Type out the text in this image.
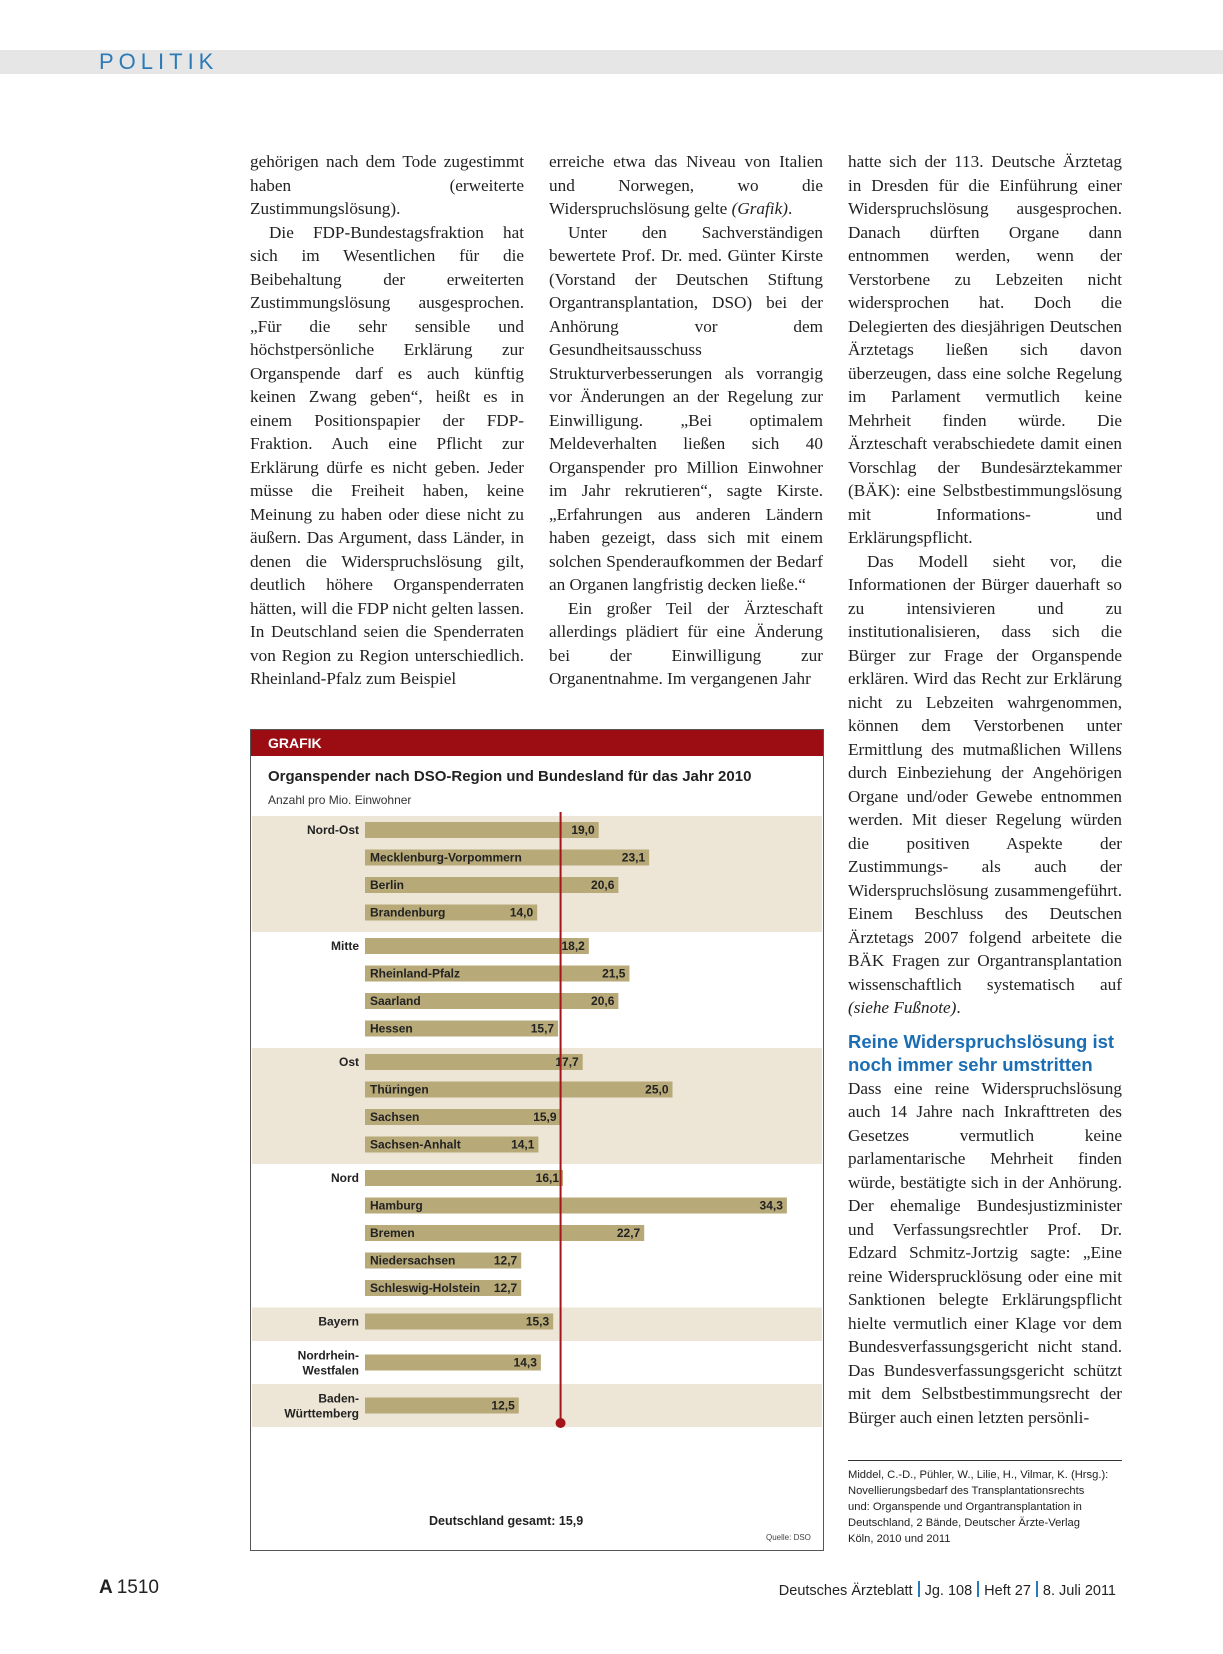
POLITIK

gehörigen nach dem Tode zugestimmt haben (erweiterte Zustimmungslösung).

Die FDP-Bundestagsfraktion hat sich im Wesentlichen für die Beibehaltung der erweiterten Zustimmungslösung ausgesprochen. „Für die sehr sensible und höchstpersönliche Erklärung zur Organspende darf es auch künftig keinen Zwang geben“, heißt es in einem Positionspapier der FDP-Fraktion. Auch eine Pflicht zur Erklärung dürfe es nicht geben. Jeder müsse die Freiheit haben, keine Meinung zu haben oder diese nicht zu äußern. Das Argument, dass Länder, in denen die Widerspruchslösung gilt, deutlich höhere Organspenderraten hätten, will die FDP nicht gelten lassen. In Deutschland seien die Spenderraten von Region zu Region unterschiedlich. Rheinland-Pfalz zum Beispiel

erreiche etwa das Niveau von Italien und Norwegen, wo die Widerspruchslösung gelte (Grafik).

Unter den Sachverständigen bewertete Prof. Dr. med. Günter Kirste (Vorstand der Deutschen Stiftung Organtransplantation, DSO) bei der Anhörung vor dem Gesundheitsausschuss Strukturverbesserungen als vorrangig vor Änderungen an der Regelung zur Einwilligung. „Bei optimalem Meldeverhalten ließen sich 40 Organspender pro Million Einwohner im Jahr rekrutieren“, sagte Kirste. „Erfahrungen aus anderen Ländern haben gezeigt, dass sich mit einem solchen Spenderaufkommen der Bedarf an Organen langfristig decken ließe.“

Ein großer Teil der Ärzteschaft allerdings plädiert für eine Änderung bei der Einwilligung zur Organentnahme. Im vergangenen Jahr

hatte sich der 113. Deutsche Ärztetag in Dresden für die Einführung einer Widerspruchslösung ausgesprochen. Danach dürften Organe dann entnommen werden, wenn der Verstorbene zu Lebzeiten nicht widersprochen hat. Doch die Delegierten des diesjährigen Deutschen Ärztetags ließen sich davon überzeugen, dass eine solche Regelung im Parlament vermutlich keine Mehrheit finden würde. Die Ärzteschaft verabschiedete damit einen Vorschlag der Bundesärztekammer (BÄK): eine Selbstbestimmungslösung mit Informations- und Erklärungspflicht.

Das Modell sieht vor, die Informationen der Bürger dauerhaft so zu intensivieren und zu institutionalisieren, dass sich die Bürger zur Frage der Organspende erklären. Wird das Recht zur Erklärung nicht zu Lebzeiten wahrgenommen, können dem Verstorbenen unter Ermittlung des mutmaßlichen Willens durch Einbeziehung der Angehörigen Organe und/oder Gewebe entnommen werden. Mit dieser Regelung würden die positiven Aspekte der Zustimmungs- als auch der Widerspruchslösung zusammengeführt. Einem Beschluss des Deutschen Ärztetags 2007 folgend arbeitete die BÄK Fragen zur Organtransplantation wissenschaftlich systematisch auf (siehe Fußnote).

Reine Widerspruchslösung ist noch immer sehr umstritten

Dass eine reine Widerspruchslösung auch 14 Jahre nach Inkrafttreten des Gesetzes vermutlich keine parlamentarische Mehrheit finden würde, bestätigte sich in der Anhörung. Der ehemalige Bundesjustizminister und Verfassungsrechtler Prof. Dr. Edzard Schmitz-Jortzig sagte: „Eine reine Widersprucklösung oder eine mit Sanktionen belegte Erklärungspflicht hielte vermutlich einer Klage vor dem Bundesverfassungsgericht nicht stand. Das Bundesverfassungsgericht schützt mit dem Selbstbestimmungsrecht der Bürger auch einen letzten persönli-

19,0
Nord-Ost
23,1
Mecklenburg-Vorpommern
20,6
Berlin
14,0
Brandenburg
18,2
Mitte
21,5
Rheinland-Pfalz
20,6
Saarland
15,7
Hessen
17,7
Ost
25,0
Thüringen
15,9
Sachsen
14,1
Sachsen-Anhalt
16,1
Nord
34,3
Hamburg
22,7
Bremen
12,7
Niedersachsen
12,7
Schleswig-Holstein
15,3
Bayern
14,3
Nordrhein-
Westfalen
12,5
Baden-
Württemberg
GRAFIK
Organspender nach DSO-Region und Bundesland für das Jahr 2010
Anzahl pro Mio. Einwohner
Deutschland gesamt: 15,9
Quelle: DSO
Middel, C.-D., Pühler, W., Lilie, H., Vilmar, K. (Hrsg.):
Novellierungsbedarf des Transplantationsrechts
und: Organspende und Organtransplantation in
Deutschland, 2 Bände, Deutscher Ärzte-Verlag
Köln, 2010 und 2011
A 1510	Deutsches Ärzteblatt Jg. 108 Heft 27 8. Juli 2011
